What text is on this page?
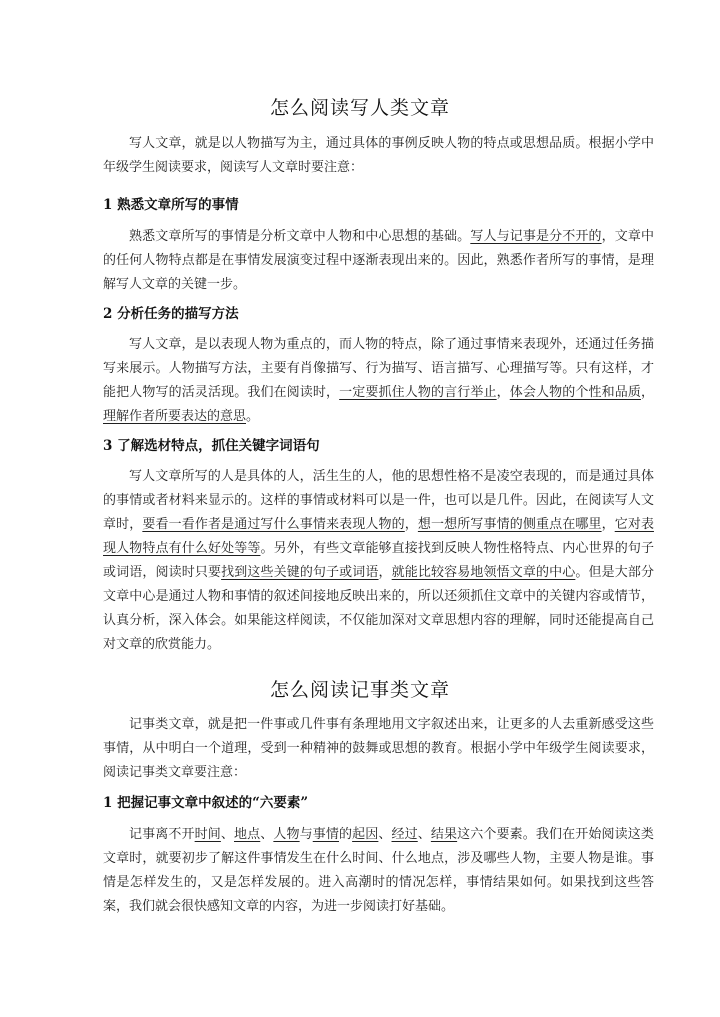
怎么阅读写人类文章

写人文章，就是以人物描写为主，通过具体的事例反映人物的特点或思想品质。根据小学中年级学生阅读要求，阅读写人文章时要注意：

1 熟悉文章所写的事情

熟悉文章所写的事情是分析文章中人物和中心思想的基础。写人与记事是分不开的，文章中的任何人物特点都是在事情发展演变过程中逐渐表现出来的。因此，熟悉作者所写的事情，是理解写人文章的关键一步。

2 分析任务的描写方法

写人文章，是以表现人物为重点的，而人物的特点，除了通过事情来表现外，还通过任务描写来展示。人物描写方法，主要有肖像描写、行为描写、语言描写、心理描写等。只有这样，才能把人物写的活灵活现。我们在阅读时，一定要抓住人物的言行举止，体会人物的个性和品质，理解作者所要表达的意思。

3 了解选材特点，抓住关键字词语句

写人文章所写的人是具体的人，活生生的人，他的思想性格不是凌空表现的，而是通过具体的事情或者材料来显示的。这样的事情或材料可以是一件，也可以是几件。因此，在阅读写人文章时，要看一看作者是通过写什么事情来表现人物的，想一想所写事情的侧重点在哪里，它对表现人物特点有什么好处等等。另外，有些文章能够直接找到反映人物性格特点、内心世界的句子或词语，阅读时只要找到这些关键的句子或词语，就能比较容易地领悟文章的中心。但是大部分文章中心是通过人物和事情的叙述间接地反映出来的，所以还须抓住文章中的关键内容或情节，认真分析，深入体会。如果能这样阅读，不仅能加深对文章思想内容的理解，同时还能提高自己对文章的欣赏能力。

怎么阅读记事类文章

记事类文章，就是把一件事或几件事有条理地用文字叙述出来，让更多的人去重新感受这些事情，从中明白一个道理，受到一种精神的鼓舞或思想的教育。根据小学中年级学生阅读要求，阅读记事类文章要注意：

1 把握记事文章中叙述的“六要素”

记事离不开时间、地点、人物与事情的起因、经过、结果这六个要素。我们在开始阅读这类文章时，就要初步了解这件事情发生在什么时间、什么地点，涉及哪些人物，主要人物是谁。事情是怎样发生的，又是怎样发展的。进入高潮时的情况怎样，事情结果如何。如果找到这些答案，我们就会很快感知文章的内容，为进一步阅读打好基础。
